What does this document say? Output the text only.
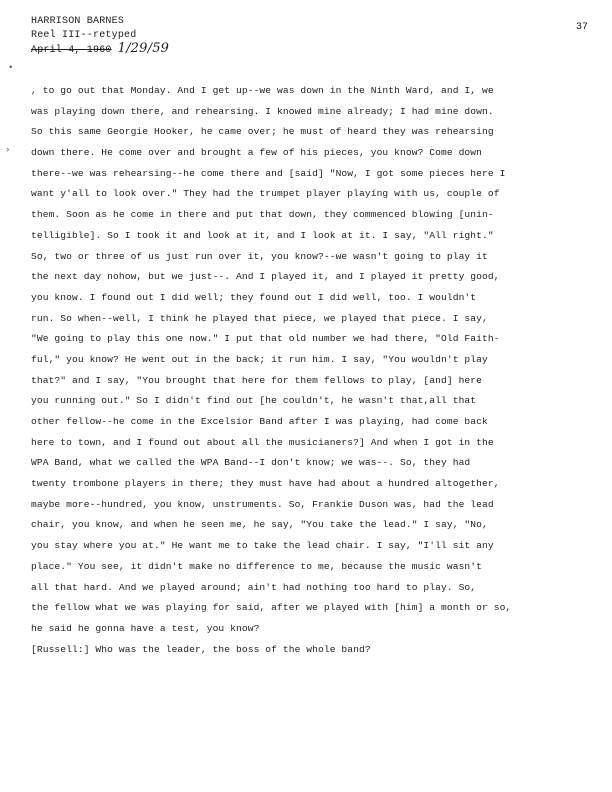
HARRISON BARNES
Reel III--retyped
April 4, 1960 1/29/59
37
•
›
, to go out that Monday. And I get up--we was down in the Ninth Ward, and I, we
was playing down there, and rehearsing. I knowed mine already; I had mine down.
So this same Georgie Hooker, he came over; he must of heard they was rehearsing
down there. He come over and brought a few of his pieces, you know? Come down
there--we was rehearsing--he come there and [said] "Now, I got some pieces here I
want y'all to look over." They had the trumpet player playing with us, couple of
them. Soon as he come in there and put that down, they commenced blowing [unin-
telligible]. So I took it and look at it, and I look at it. I say, "All right."
So, two or three of us just run over it, you know?--we wasn't going to play it
the next day nohow, but we just--. And I played it, and I played it pretty good,
you know. I found out I did well; they found out I did well, too. I wouldn't
run. So when--well, I think he played that piece, we played that piece. I say,
"We going to play this one now." I put that old number we had there, "Old Faith-
ful," you know? He went out in the back; it run him. I say, "You wouldn't play
that?" and I say, "You brought that here for them fellows to play, [and] here
you running out." So I didn't find out [he couldn't, he wasn't that,all that
other fellow--he come in the Excelsior Band after I was playing, had come back
here to town, and I found out about all the musicianers?] And when I got in the
WPA Band, what we called the WPA Band--I don't know; we was--. So, they had
twenty trombone players in there; they must have had about a hundred altogether,
maybe more--hundred, you know, unstruments. So, Frankie Duson was, had the lead
chair, you know, and when he seen me, he say, "You take the lead." I say, "No,
you stay where you at." He want me to take the lead chair. I say, "I'll sit any
place." You see, it didn't make no difference to me, because the music wasn't
all that hard. And we played around; ain't had nothing too hard to play. So,
the fellow what we was playing for said, after we played with [him] a month or so,
he said he gonna have a test, you know?
[Russell:] Who was the leader, the boss of the whole band?
